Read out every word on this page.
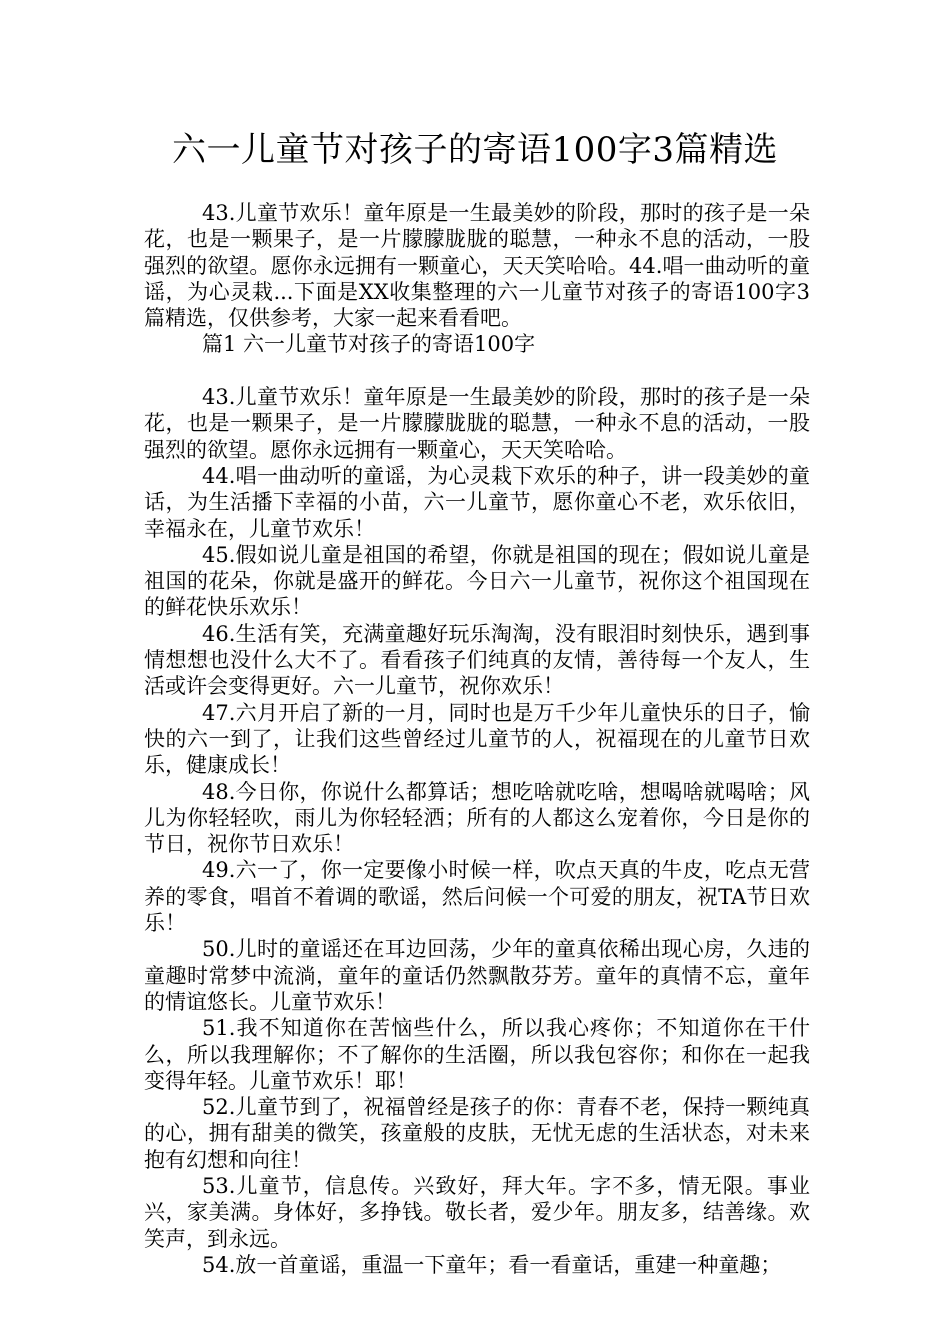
六一儿童节对孩子的寄语100字3篇精选

43.儿童节欢乐！童年原是一生最美妙的阶段，那时的孩子是一朵花，也是一颗果子，是一片朦朦胧胧的聪慧，一种永不息的活动，一股强烈的欲望。愿你永远拥有一颗童心，天天笑哈哈。44.唱一曲动听的童谣，为心灵栽...下面是XX收集整理的六一儿童节对孩子的寄语100字3篇精选，仅供参考，大家一起来看看吧。

篇1 六一儿童节对孩子的寄语100字

43.儿童节欢乐！童年原是一生最美妙的阶段，那时的孩子是一朵花，也是一颗果子，是一片朦朦胧胧的聪慧，一种永不息的活动，一股强烈的欲望。愿你永远拥有一颗童心，天天笑哈哈。

44.唱一曲动听的童谣，为心灵栽下欢乐的种子，讲一段美妙的童话，为生活播下幸福的小苗，六一儿童节，愿你童心不老，欢乐依旧，幸福永在，儿童节欢乐！

45.假如说儿童是祖国的希望，你就是祖国的现在；假如说儿童是祖国的花朵，你就是盛开的鲜花。今日六一儿童节，祝你这个祖国现在的鲜花快乐欢乐！

46.生活有笑，充满童趣好玩乐淘淘，没有眼泪时刻快乐，遇到事情想想也没什么大不了。看看孩子们纯真的友情，善待每一个友人，生活或许会变得更好。六一儿童节，祝你欢乐！

47.六月开启了新的一月，同时也是万千少年儿童快乐的日子，愉快的六一到了，让我们这些曾经过儿童节的人，祝福现在的儿童节日欢乐，健康成长！

48.今日你，你说什么都算话；想吃啥就吃啥，想喝啥就喝啥；风儿为你轻轻吹，雨儿为你轻轻洒；所有的人都这么宠着你，今日是你的节日，祝你节日欢乐！

49.六一了，你一定要像小时候一样，吹点天真的牛皮，吃点无营养的零食，唱首不着调的歌谣，然后问候一个可爱的朋友，祝TA节日欢乐！

50.儿时的童谣还在耳边回荡，少年的童真依稀出现心房，久违的童趣时常梦中流淌，童年的童话仍然飘散芬芳。童年的真情不忘，童年的情谊悠长。儿童节欢乐！

51.我不知道你在苦恼些什么，所以我心疼你；不知道你在干什么，所以我理解你；不了解你的生活圈，所以我包容你；和你在一起我变得年轻。儿童节欢乐！耶！

52.儿童节到了，祝福曾经是孩子的你：青春不老，保持一颗纯真的心，拥有甜美的微笑，孩童般的皮肤，无忧无虑的生活状态，对未来抱有幻想和向往！

53.儿童节，信息传。兴致好，拜大年。字不多，情无限。事业兴，家美满。身体好，多挣钱。敬长者，爱少年。朋友多，结善缘。欢笑声，到永远。

54.放一首童谣，重温一下童年；看一看童话，重建一种童趣；
